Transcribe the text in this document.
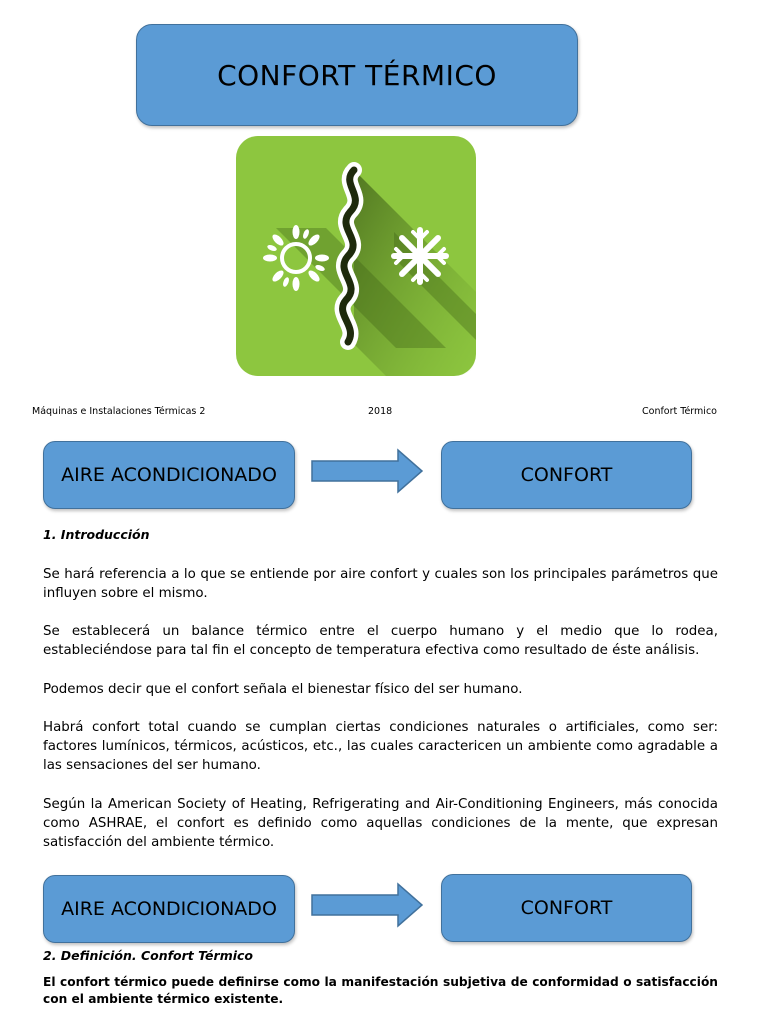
CONFORT TÉRMICO
Máquinas e Instalaciones Térmicas 2	2018	Confort Térmico
AIRE ACONDICIONADO	CONFORT
1. Introducción
Se hará referencia a lo que se entiende por aire confort y cuales son los principales parámetros que influyen sobre el mismo.
Se establecerá un balance térmico entre el cuerpo humano y el medio que lo rodea, estableciéndose para tal fin el concepto de temperatura efectiva como resultado de éste análisis.
Podemos decir que el confort señala el bienestar físico del ser humano.
Habrá confort total cuando se cumplan ciertas condiciones naturales o artificiales, como ser: factores lumínicos, térmicos, acústicos, etc., las cuales caractericen un ambiente como agradable a las sensaciones del ser humano.
Según la American Society of Heating, Refrigerating and Air-Conditioning Engineers, más conocida como ASHRAE, el confort es definido como aquellas condiciones de la mente, que expresan satisfacción del ambiente térmico.
AIRE ACONDICIONADO	CONFORT
2. Definición. Confort Térmico
El confort térmico puede definirse como la manifestación subjetiva de conformidad o satisfacción con el ambiente térmico existente.
